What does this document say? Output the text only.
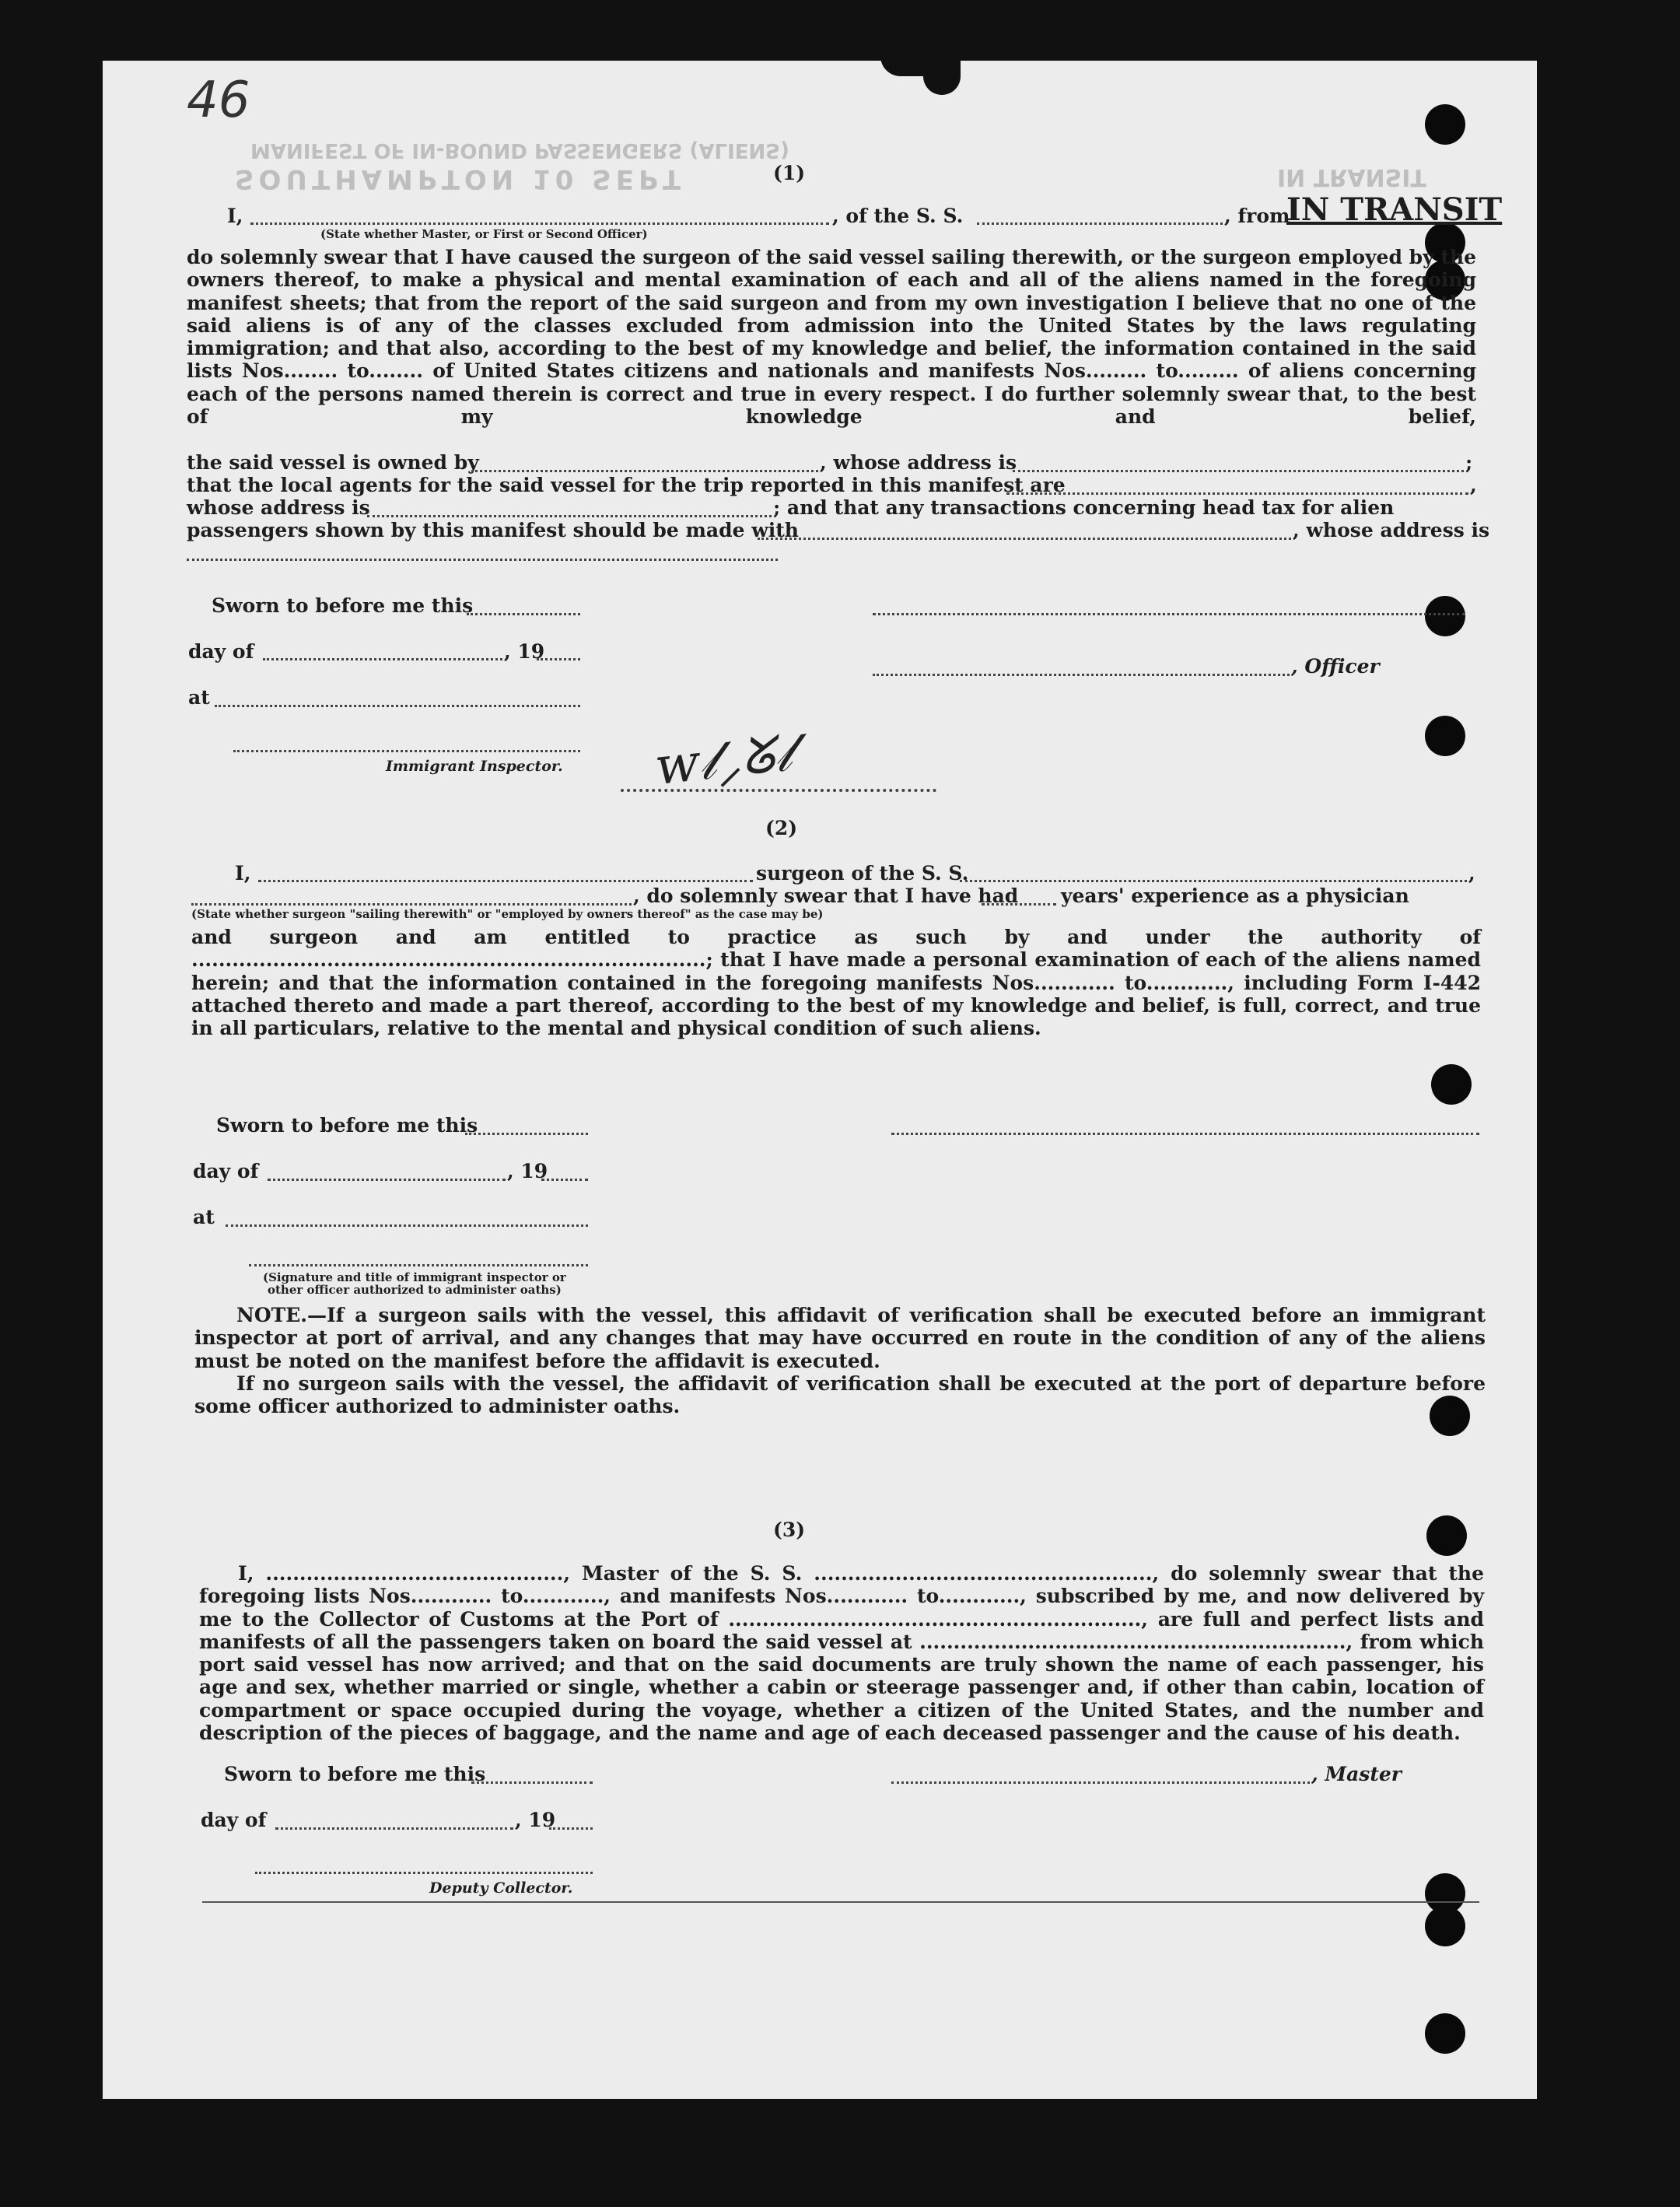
46
SOUTHAMPTON 10 SEPT
MANIFEST OF IN-BOUND PASSENGERS (ALIENS)
(1)
I,	, of the S. S.	, from
IN TRANSIT
(State whether Master, or First or Second Officer)
do solemnly swear that I have caused the surgeon of the said vessel sailing therewith, or the surgeon employed by the owners thereof, to make a physical and mental examination of each and all of the aliens named in the foregoing manifest sheets; that from the report of the said surgeon and from my own investigation I believe that no one of the said aliens is of any of the classes excluded from admission into the United States by the laws regulating immigration; and that also, according to the best of my knowledge and belief, the information contained in the said lists Nos........ to........ of United States citizens and nationals and manifests Nos......... to......... of aliens concerning each of the persons named therein is correct and true in every respect. I do further solemnly swear that, to the best of my knowledge and belief,
the said vessel is owned by	, whose address is	;
that the local agents for the said vessel for the trip reported in this manifest are	,
whose address is	; and that any transactions concerning head tax for alien
passengers shown by this manifest should be made with	, whose address is
Sworn to before me this
day of	, 19
, Officer
at
Immigrant Inspector. ᴡ𝓁⸝ᘜ𝓁
(2)
I,	surgeon of the S. S.	,
, do solemnly swear that I have had years' experience as a physician
(State whether surgeon "sailing therewith" or "employed by owners thereof" as the case may be)
and surgeon and am entitled to practice as such by and under the authority of ............................................................................; that I have made a personal examination of each of the aliens named herein; and that the information contained in the foregoing manifests Nos............ to............, including Form I-442 attached thereto and made a part thereof, according to the best of my knowledge and belief, is full, correct, and true in all particulars, relative to the mental and physical condition of such aliens.
Sworn to before me this
day of	, 19
at
(Signature and title of immigrant inspector or
other officer authorized to administer oaths)
NOTE.—If a surgeon sails with the vessel, this affidavit of verification shall be executed before an immigrant inspector at port of arrival, and any changes that may have occurred en route in the condition of any of the aliens must be noted on the manifest before the affidavit is executed.
If no surgeon sails with the vessel, the affidavit of verification shall be executed at the port of departure before some officer authorized to administer oaths.
(3)
I, ............................................, Master of the S. S. .................................................., do solemnly swear that the foregoing lists Nos............ to............, and manifests Nos............ to............, subscribed by me, and now delivered by me to the Collector of Customs at the Port of ............................................................., are full and perfect lists and manifests of all the passengers taken on board the said vessel at ..............................................................., from which port said vessel has now arrived; and that on the said documents are truly shown the name of each passenger, his age and sex, whether married or single, whether a cabin or steerage passenger and, if other than cabin, location of compartment or space occupied during the voyage, whether a citizen of the United States, and the number and description of the pieces of baggage, and the name and age of each deceased passenger and the cause of his death.
Sworn to before me this	, Master
day of	, 19
Deputy Collector.
IN TRANSIT
